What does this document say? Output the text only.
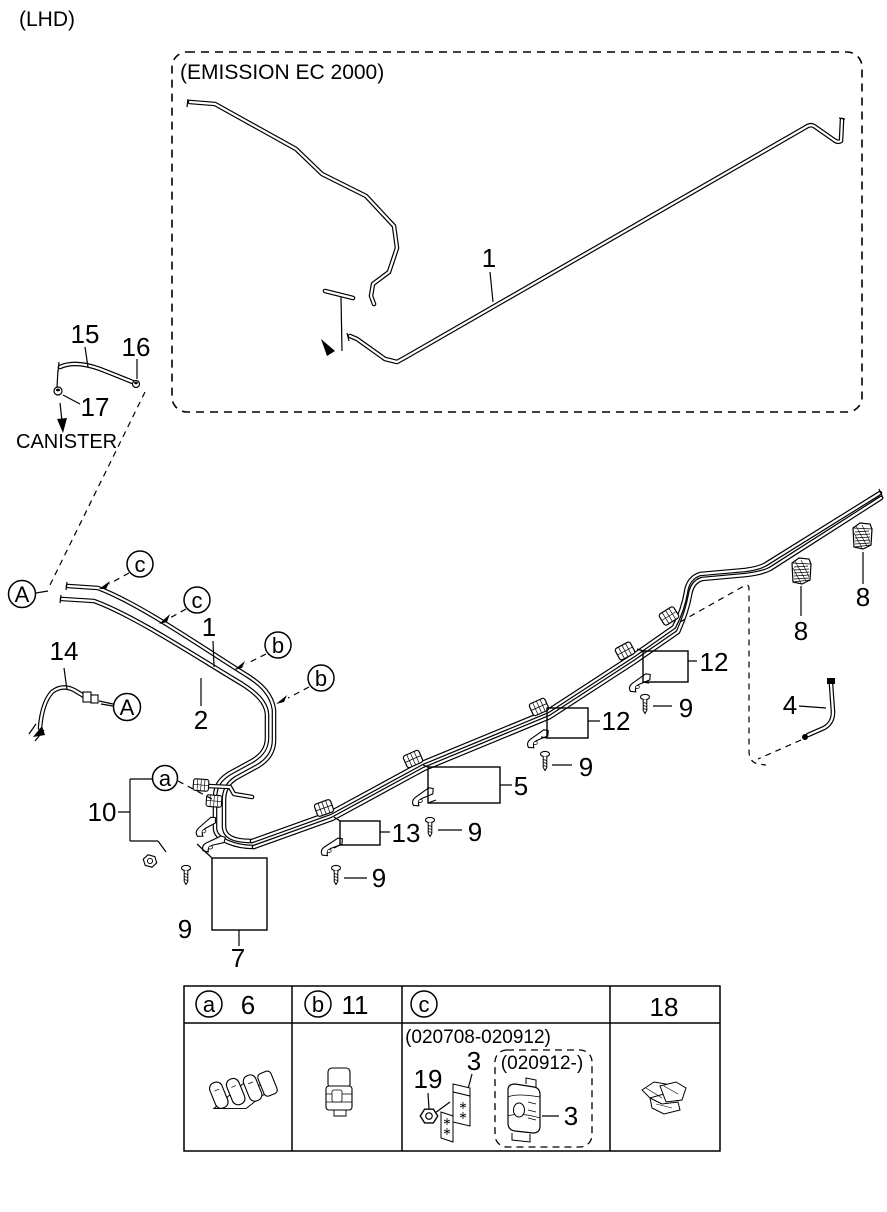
(LHD)
(EMISSION EC 2000)
1
15 16
17
CANISTER
8
8
9
9
9
9
9
7
13
5
12
12
10
1
2
14
4
A
A
c
c
b
b
a
a 6	b 11 c	18
(020708-020912)
3
19
(020912-)
3
